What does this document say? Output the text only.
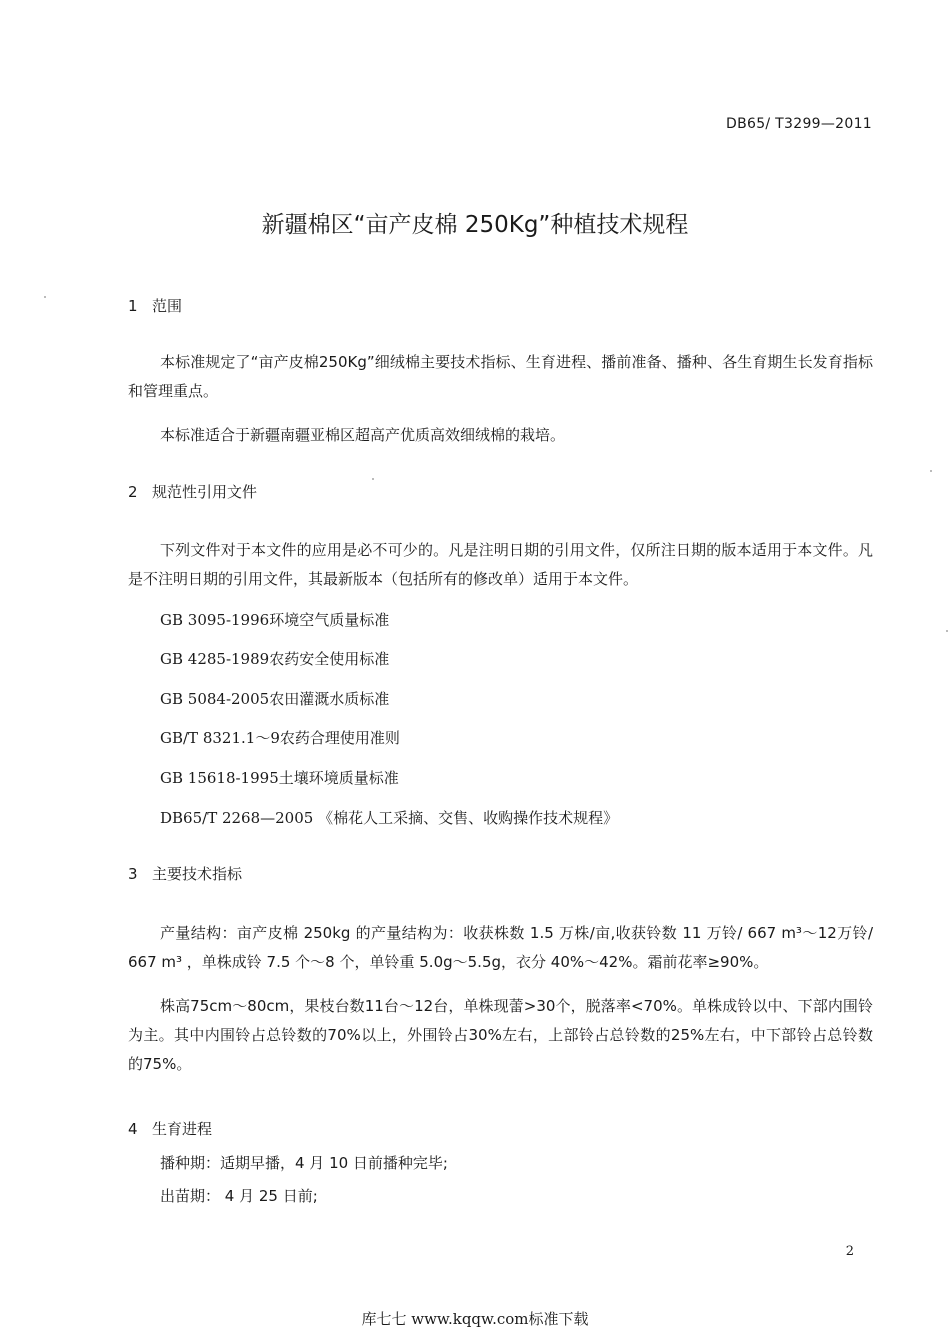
DB65/ T3299—2011
新疆棉区“亩产皮棉 250Kg”种植技术规程
1 范围
本标准规定了“亩产皮棉250Kg”细绒棉主要技术指标、生育进程、播前准备、播种、各生育期生长发育指标和管理重点。
本标准适合于新疆南疆亚棉区超高产优质高效细绒棉的栽培。
2 规范性引用文件
下列文件对于本文件的应用是必不可少的。凡是注明日期的引用文件，仅所注日期的版本适用于本文件。凡是不注明日期的引用文件，其最新版本（包括所有的修改单）适用于本文件。
GB 3095-1996环境空气质量标准
GB 4285-1989农药安全使用标准
GB 5084-2005农田灌溉水质标准
GB/T 8321.1～9农药合理使用准则
GB 15618-1995土壤环境质量标准
DB65/T 2268—2005 《棉花人工采摘、交售、收购操作技术规程》
3 主要技术指标
产量结构：亩产皮棉 250kg 的产量结构为：收获株数 1.5 万株/亩,收获铃数 11 万铃/ 667 m³～12万铃/ 667 m³ ，单株成铃 7.5 个～8 个，单铃重 5.0g～5.5g，衣分 40%～42%。霜前花率≥90%。
株高75cm～80cm，果枝台数11台～12台，单株现蕾>30个，脱落率<70%。单株成铃以中、下部内围铃为主。其中内围铃占总铃数的70%以上，外围铃占30%左右，上部铃占总铃数的25%左右，中下部铃占总铃数的75%。
4 生育进程
播种期：适期早播，4 月 10 日前播种完毕;
出苗期： 4 月 25 日前;
2
库七七 www.kqqw.com标准下载
